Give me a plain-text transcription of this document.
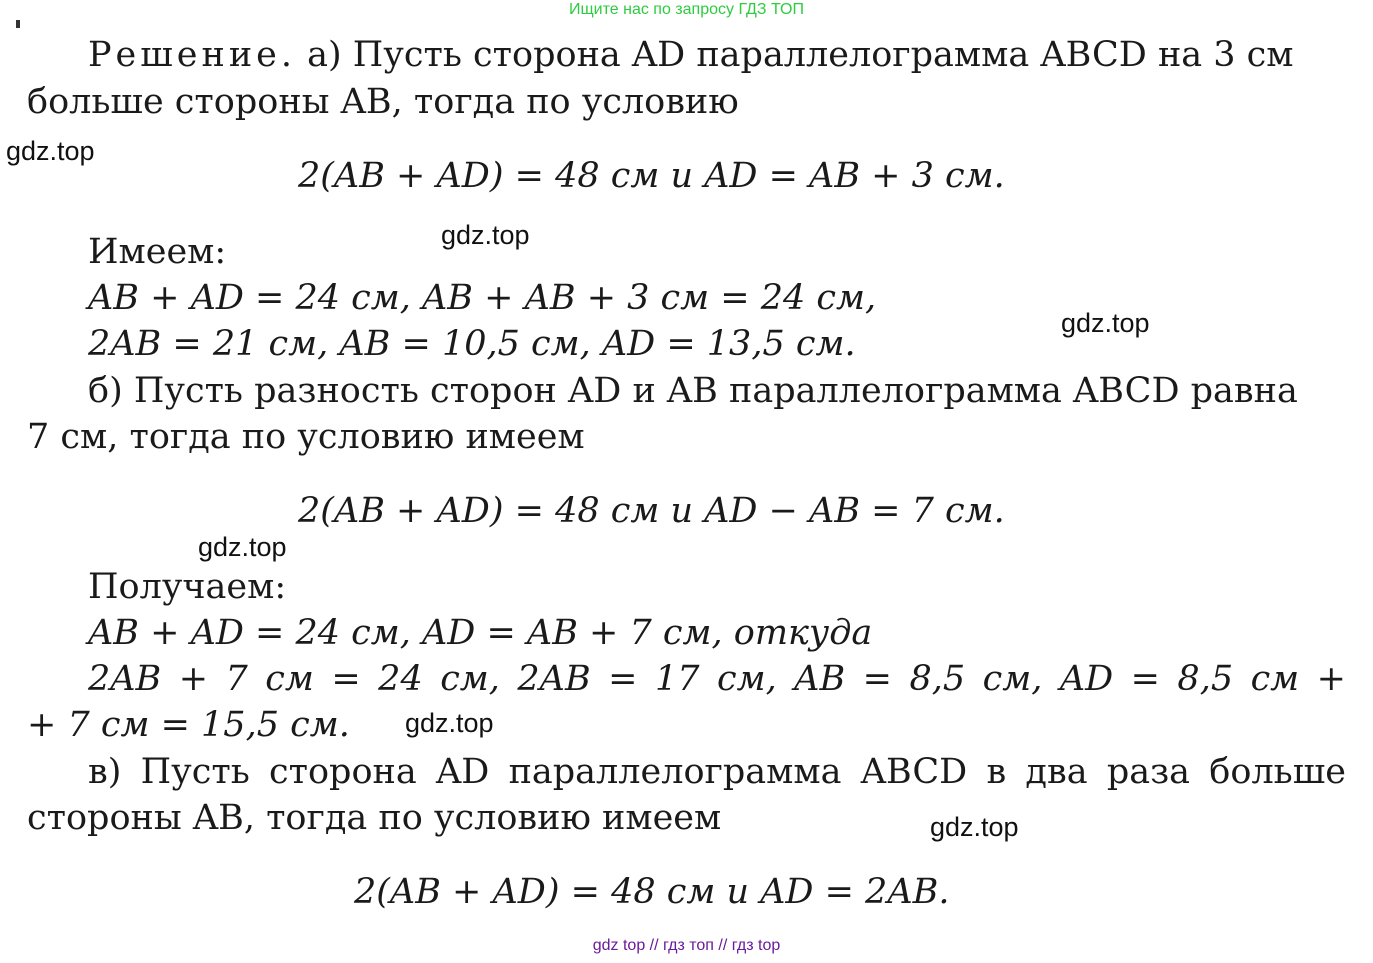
Ищите нас по запросу ГДЗ ТОП
Решение. а) Пусть сторона AD параллелограмма ABCD на 3 см
больше стороны AB, тогда по условию
gdz.top
2(AB + AD) = 48 см и AD = AB + 3 см.
Имеем:	gdz.top
AB + AD = 24 см, AB + AB + 3 см = 24 см,
2AB = 21 см, AB = 10,5 см, AD = 13,5 см.
gdz.top
б) Пусть разность сторон AD и AB параллелограмма ABCD равна
7 см, тогда по условию имеем
2(AB + AD) = 48 см и AD − AB = 7 см.
gdz.top
Получаем:
AB + AD = 24 см, AD = AB + 7 см, откуда
2AB + 7 см = 24 см, 2AB = 17 см, AB = 8,5 см, AD = 8,5 см +
+ 7 см = 15,5 см. gdz.top
в) Пусть сторона AD параллелограмма ABCD в два раза больше
стороны AB, тогда по условию имеем	gdz.top
2(AB + AD) = 48 см и AD = 2AB.
gdz top // гдз топ // гдз top
